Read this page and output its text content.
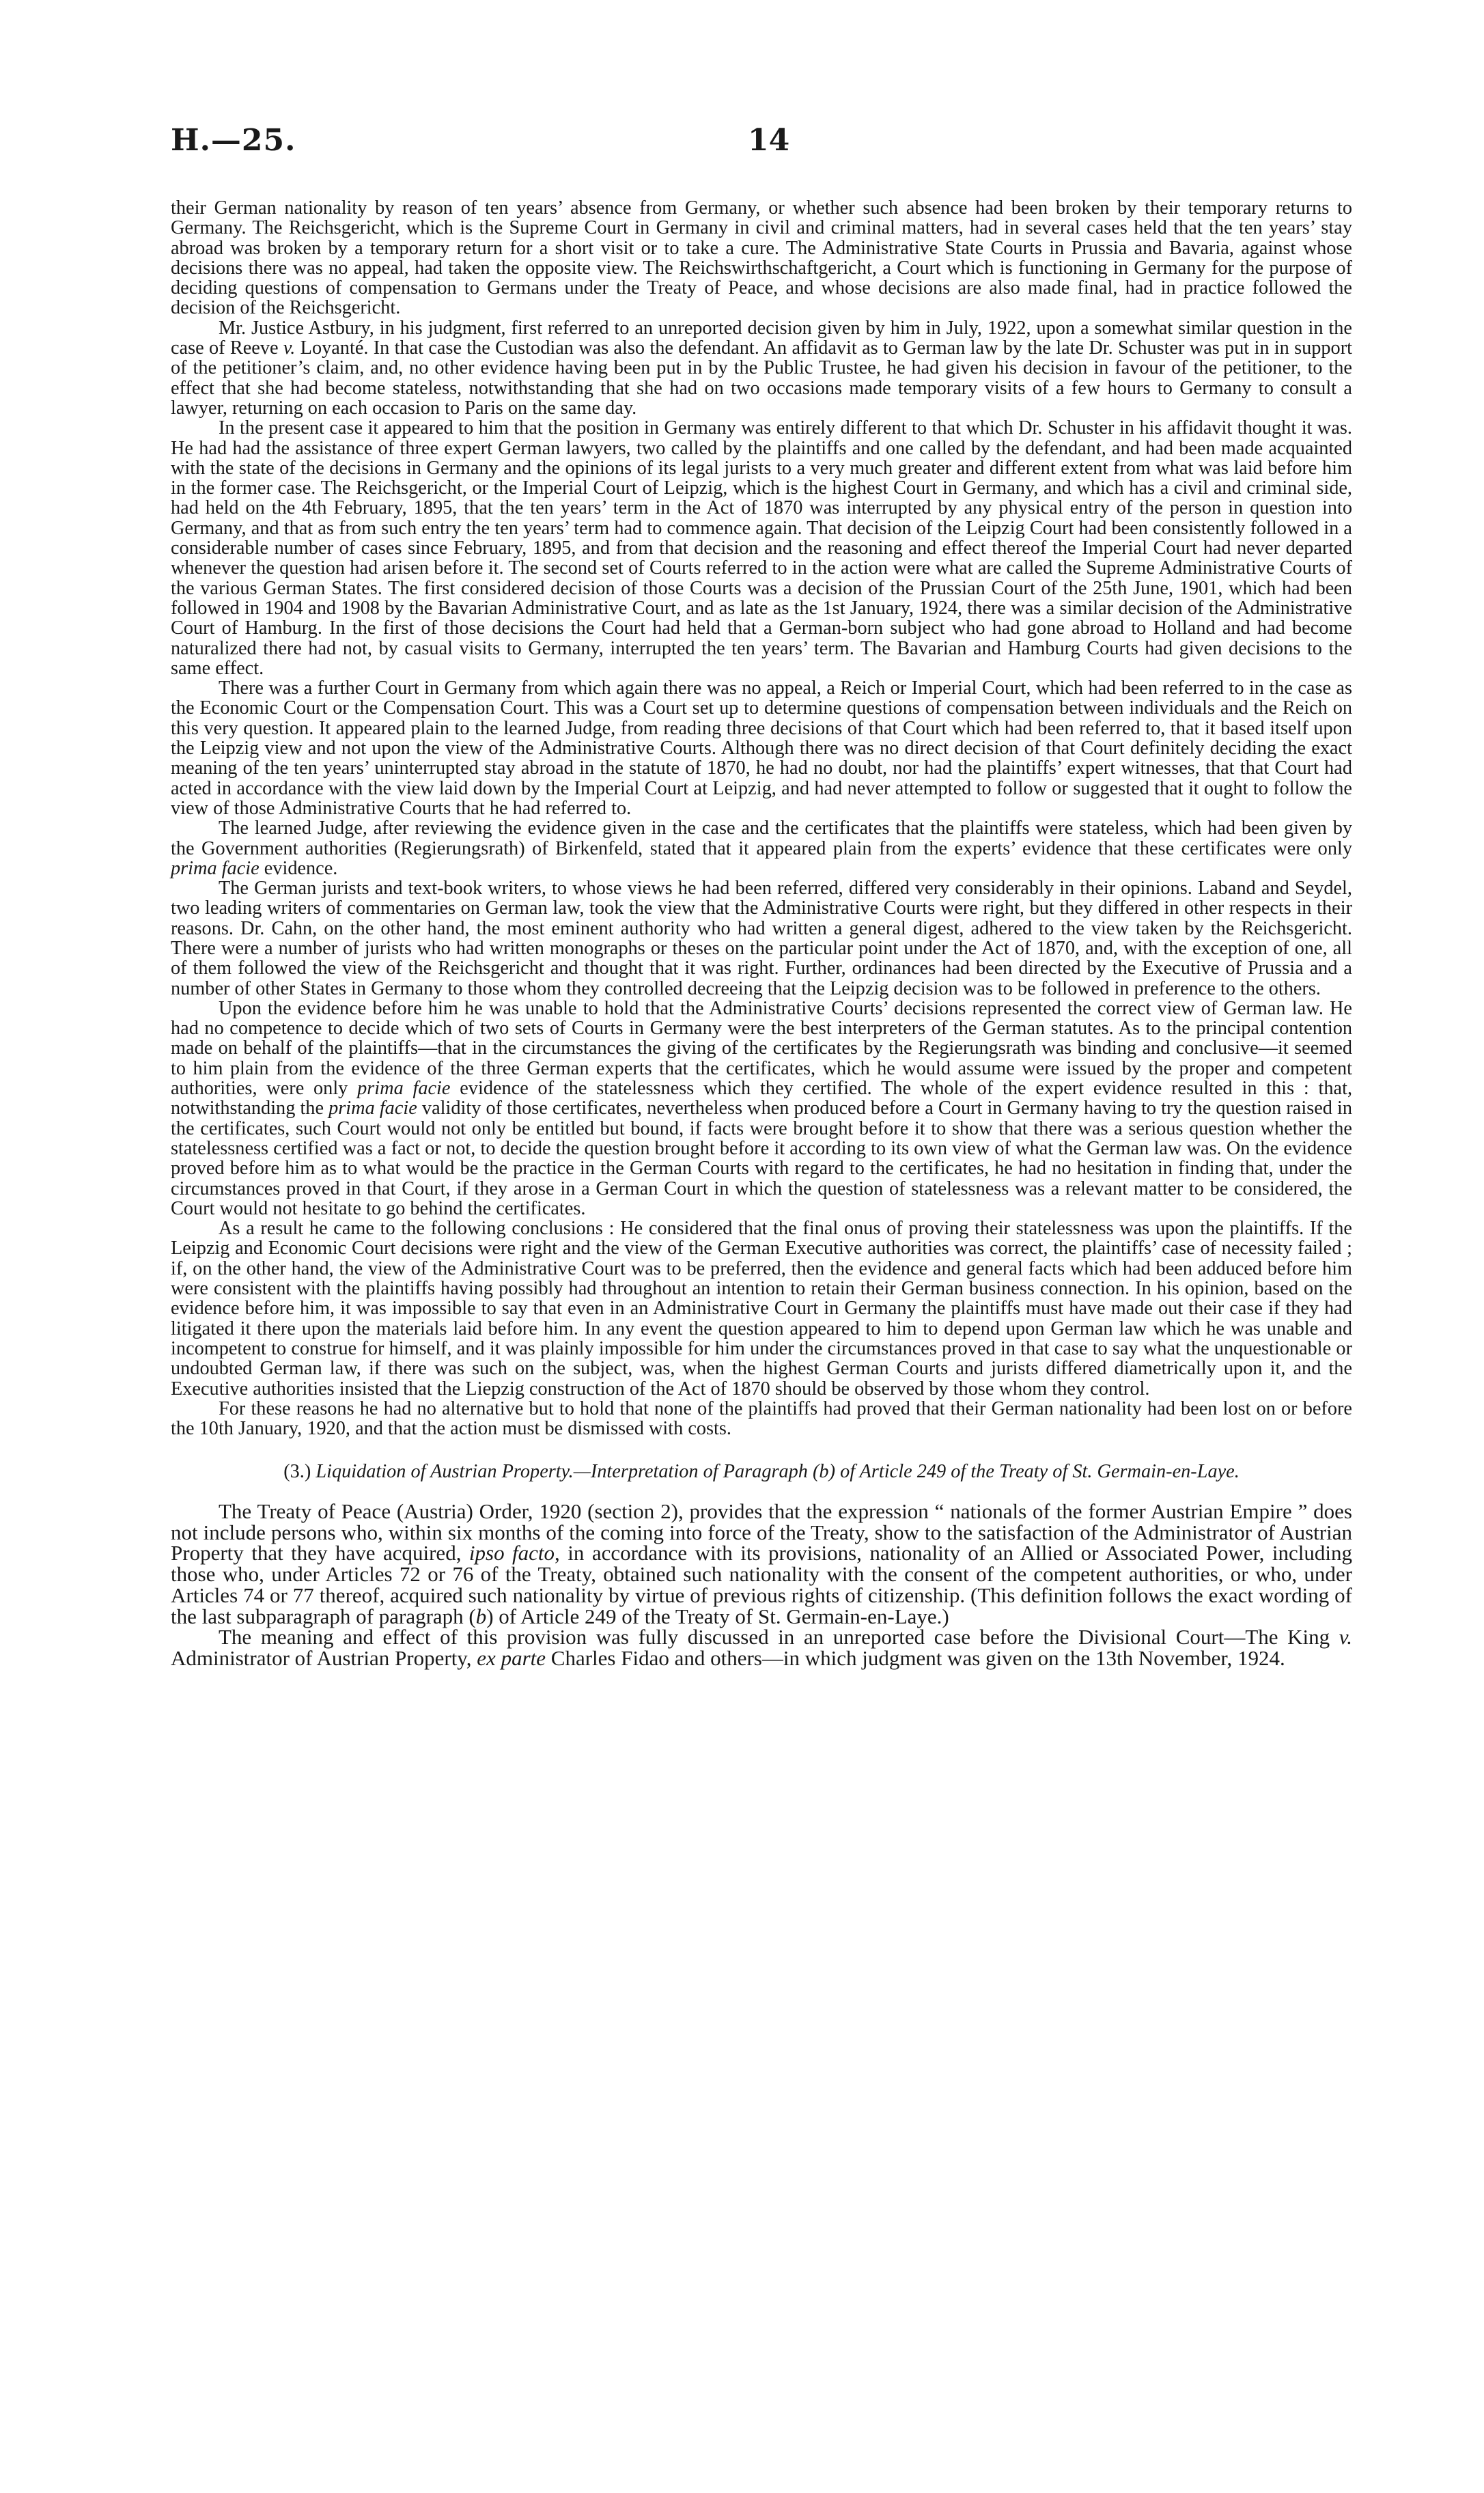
H.—25.	14

their German nationality by reason of ten years’ absence from Germany, or whether such absence had been broken by their temporary returns to Germany. The Reichsgericht, which is the Supreme Court in Germany in civil and criminal matters, had in several cases held that the ten years’ stay abroad was broken by a temporary return for a short visit or to take a cure. The Administrative State Courts in Prussia and Bavaria, against whose decisions there was no appeal, had taken the opposite view. The Reichswirthschaftgericht, a Court which is functioning in Germany for the purpose of deciding questions of compensation to Germans under the Treaty of Peace, and whose decisions are also made final, had in practice followed the decision of the Reichsgericht.

Mr. Justice Astbury, in his judgment, first referred to an unreported decision given by him in July, 1922, upon a somewhat similar question in the case of Reeve v. Loyanté. In that case the Custodian was also the defendant. An affidavit as to German law by the late Dr. Schuster was put in in support of the petitioner’s claim, and, no other evidence having been put in by the Public Trustee, he had given his decision in favour of the petitioner, to the effect that she had become stateless, notwithstanding that she had on two occasions made temporary visits of a few hours to Germany to consult a lawyer, returning on each occasion to Paris on the same day.

In the present case it appeared to him that the position in Germany was entirely different to that which Dr. Schuster in his affidavit thought it was. He had had the assistance of three expert German lawyers, two called by the plaintiffs and one called by the defendant, and had been made acquainted with the state of the decisions in Germany and the opinions of its legal jurists to a very much greater and different extent from what was laid before him in the former case. The Reichsgericht, or the Imperial Court of Leipzig, which is the highest Court in Germany, and which has a civil and criminal side, had held on the 4th February, 1895, that the ten years’ term in the Act of 1870 was interrupted by any physical entry of the person in question into Germany, and that as from such entry the ten years’ term had to commence again. That decision of the Leipzig Court had been consistently followed in a considerable number of cases since February, 1895, and from that decision and the reasoning and effect thereof the Imperial Court had never departed whenever the question had arisen before it. The second set of Courts referred to in the action were what are called the Supreme Administrative Courts of the various German States. The first considered decision of those Courts was a decision of the Prussian Court of the 25th June, 1901, which had been followed in 1904 and 1908 by the Bavarian Administrative Court, and as late as the 1st January, 1924, there was a similar decision of the Administrative Court of Hamburg. In the first of those decisions the Court had held that a German-born subject who had gone abroad to Holland and had become naturalized there had not, by casual visits to Germany, interrupted the ten years’ term. The Bavarian and Hamburg Courts had given decisions to the same effect.

There was a further Court in Germany from which again there was no appeal, a Reich or Imperial Court, which had been referred to in the case as the Economic Court or the Compensation Court. This was a Court set up to determine questions of compensation between individuals and the Reich on this very question. It appeared plain to the learned Judge, from reading three decisions of that Court which had been referred to, that it based itself upon the Leipzig view and not upon the view of the Administrative Courts. Although there was no direct decision of that Court definitely deciding the exact meaning of the ten years’ uninterrupted stay abroad in the statute of 1870, he had no doubt, nor had the plaintiffs’ expert witnesses, that that Court had acted in accordance with the view laid down by the Imperial Court at Leipzig, and had never attempted to follow or suggested that it ought to follow the view of those Administrative Courts that he had referred to.

The learned Judge, after reviewing the evidence given in the case and the certificates that the plaintiffs were stateless, which had been given by the Government authorities (Regierungsrath) of Birkenfeld, stated that it appeared plain from the experts’ evidence that these certificates were only prima facie evidence.

The German jurists and text-book writers, to whose views he had been referred, differed very considerably in their opinions. Laband and Seydel, two leading writers of commentaries on German law, took the view that the Administrative Courts were right, but they differed in other respects in their reasons. Dr. Cahn, on the other hand, the most eminent authority who had written a general digest, adhered to the view taken by the Reichsgericht. There were a number of jurists who had written monographs or theses on the particular point under the Act of 1870, and, with the exception of one, all of them followed the view of the Reichsgericht and thought that it was right. Further, ordinances had been directed by the Executive of Prussia and a number of other States in Germany to those whom they controlled decreeing that the Leipzig decision was to be followed in preference to the others.

Upon the evidence before him he was unable to hold that the Administrative Courts’ decisions represented the correct view of German law. He had no competence to decide which of two sets of Courts in Germany were the best interpreters of the German statutes. As to the principal contention made on behalf of the plaintiffs—that in the circumstances the giving of the certificates by the Regierungsrath was binding and conclusive—it seemed to him plain from the evidence of the three German experts that the certificates, which he would assume were issued by the proper and competent authorities, were only prima facie evidence of the statelessness which they certified. The whole of the expert evidence resulted in this : that, notwithstanding the prima facie validity of those certificates, nevertheless when produced before a Court in Germany having to try the question raised in the certificates, such Court would not only be entitled but bound, if facts were brought before it to show that there was a serious question whether the statelessness certified was a fact or not, to decide the question brought before it according to its own view of what the German law was. On the evidence proved before him as to what would be the practice in the German Courts with regard to the certificates, he had no hesitation in finding that, under the circumstances proved in that Court, if they arose in a German Court in which the question of statelessness was a relevant matter to be considered, the Court would not hesitate to go behind the certificates.

As a result he came to the following conclusions : He considered that the final onus of proving their statelessness was upon the plaintiffs. If the Leipzig and Economic Court decisions were right and the view of the German Executive authorities was correct, the plaintiffs’ case of necessity failed ; if, on the other hand, the view of the Administrative Court was to be preferred, then the evidence and general facts which had been adduced before him were consistent with the plaintiffs having possibly had throughout an intention to retain their German business connection. In his opinion, based on the evidence before him, it was impossible to say that even in an Administrative Court in Germany the plaintiffs must have made out their case if they had litigated it there upon the materials laid before him. In any event the question appeared to him to depend upon German law which he was unable and incompetent to construe for himself, and it was plainly impossible for him under the circumstances proved in that case to say what the unquestionable or undoubted German law, if there was such on the subject, was, when the highest German Courts and jurists differed diametrically upon it, and the Executive authorities insisted that the Liepzig construction of the Act of 1870 should be observed by those whom they control.

For these reasons he had no alternative but to hold that none of the plaintiffs had proved that their German nationality had been lost on or before the 10th January, 1920, and that the action must be dismissed with costs.

(3.) Liquidation of Austrian Property.—Interpretation of Paragraph (b) of Article 249 of the Treaty of St. Germain-en-Laye.

The Treaty of Peace (Austria) Order, 1920 (section 2), provides that the expression “ nationals of the former Austrian Empire ” does not include persons who, within six months of the coming into force of the Treaty, show to the satisfaction of the Administrator of Austrian Property that they have acquired, ipso facto, in accordance with its provisions, nationality of an Allied or Associated Power, including those who, under Articles 72 or 76 of the Treaty, obtained such nationality with the consent of the competent authorities, or who, under Articles 74 or 77 thereof, acquired such nationality by virtue of previous rights of citizenship. (This definition follows the exact wording of the last subparagraph of paragraph (b) of Article 249 of the Treaty of St. Germain-en-Laye.)

The meaning and effect of this provision was fully discussed in an unreported case before the Divisional Court—The King v. Administrator of Austrian Property, ex parte Charles Fidao and others—in which judgment was given on the 13th November, 1924.
